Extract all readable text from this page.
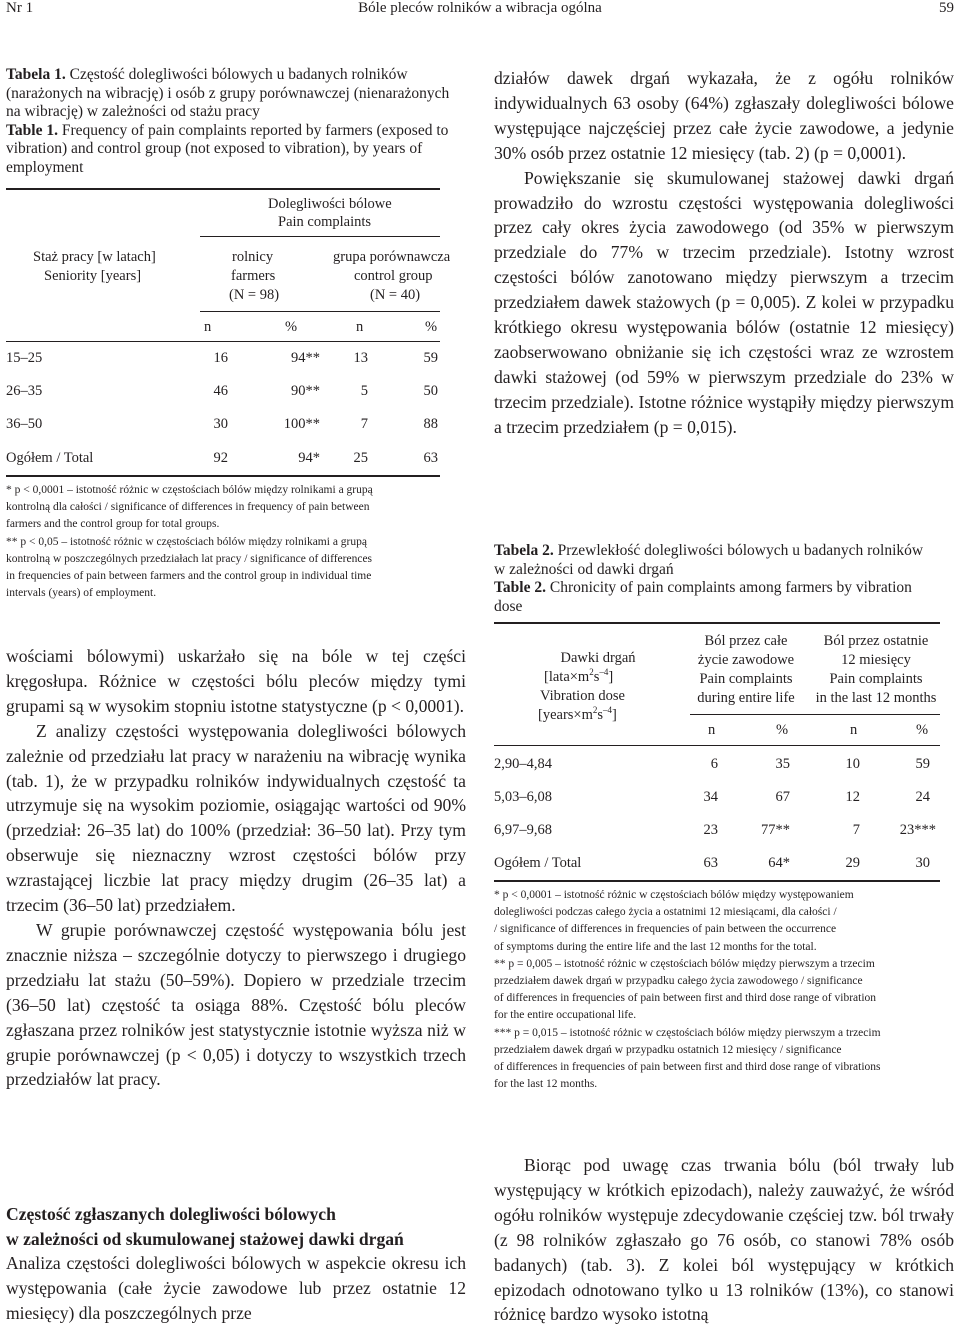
Nr 1	Bóle pleców rolników a wibracja ogólna	59
Tabela 1. Częstość dolegliwości bólowych u badanych rolników (narażonych na wibrację) i osób z grupy porównawczej (nienarażonych na wibrację) w zależności od stażu pracy
Table 1. Frequency of pain complaints reported by farmers (exposed to vibration) and control group (not exposed to vibration), by years of employment
Dolegliwości bólowe
Pain complaints
Staż pracy [w latach]
Seniority [years]
rolnicy
farmers
(N = 98)
grupa porównawcza
control group
(N = 40)
n	%	n	%
15–25	16	94**	13	59
26–35	46	90**	5	50
36–50	30	100**	7	88
Ogółem / Total	92	94*	25	63
* p < 0,0001 – istotność różnic w częstościach bólów między rolnikami a grupą
kontrolną dla całości / significance of differences in frequency of pain between
farmers and the control group for total groups.
** p < 0,05 – istotność różnic w częstościach bólów między rolnikami a grupą
kontrolną w poszczególnych przedziałach lat pracy / significance of differences
in frequencies of pain between farmers and the control group in individual time
intervals (years) of employment.

wościami bólowymi) uskarżało się na bóle w tej części kręgosłupa. Różnice w częstości bólu pleców między tymi grupami są w wysokim stopniu istotne statystyczne (p < 0,0001).

Z analizy częstości występowania dolegliwości bólowych zależnie od przedziału lat pracy w narażeniu na wibrację wynika (tab. 1), że w przypadku rolników indywidualnych częstość ta utrzymuje się na wysokim poziomie, osiągając wartości od 90% (przedział: 26–35 lat) do 100% (przedział: 36–50 lat). Przy tym obserwuje się nieznaczny wzrost częstości bólów przy wzrastającej liczbie lat pracy między drugim (26–35 lat) a trzecim (36–50 lat) przedziałem.

W grupie porównawczej częstość występowania bólu jest znacznie niższa – szczególnie dotyczy to pierwszego i drugiego przedziału lat stażu (50–59%). Dopiero w przedziale trzecim (36–50 lat) częstość ta osiąga 88%. Częstość bólu pleców zgłaszana przez rolników jest statystycznie istotnie wyższa niż w grupie porównawczej (p < 0,05) i dotyczy to wszystkich trzech przedziałów lat pracy.

Częstość zgłaszanych dolegliwości bólowych
w zależności od skumulowanej stażowej dawki drgań

Analiza częstości dolegliwości bólowych w aspekcie okresu ich występowania (całe życie zawodowe lub przez ostatnie 12 miesięcy) dla poszczególnych prze

działów dawek drgań wykazała, że z ogółu rolników indywidualnych 63 osoby (64%) zgłaszały dolegliwości bólowe występujące najczęściej przez całe życie zawodowe, a jedynie 30% osób przez ostatnie 12 miesięcy (tab. 2) (p = 0,0001).

Powiększanie się skumulowanej stażowej dawki drgań prowadziło do wzrostu częstości występowania dolegliwości przez cały okres życia zawodowego (od 35% w pierwszym przedziale do 77% w trzecim przedziale). Istotny wzrost częstości bólów zanotowano między pierwszym a trzecim przedziałem dawek stażowych (p = 0,005). Z kolei w przypadku krótkiego okresu występowania bólów (ostatnie 12 miesięcy) zaobserwowano obniżanie się ich częstości wraz ze wzrostem dawki stażowej (od 59% w pierwszym przedziale do 23% w trzecim przedziale). Istotne różnice wystąpiły między pierwszym a trzecim przedziałem (p = 0,015).

Tabela 2. Przewlekłość dolegliwości bólowych u badanych rolników w zależności od dawki drgań
Table 2. Chronicity of pain complaints among farmers by vibration dose
Dawki drgań
$[lata\times m^2s^{-4}]$
Vibration dose
$[years\times m^2s^{-4}]$
Ból przez całe
życie zawodowe
Pain complaints
during entire life
Ból przez ostatnie
12 miesięcy
Pain complaints
in the last 12 months
n	%	n	%
2,90–4,84	6	35	10	59
5,03–6,08	34	67	12	24
6,97–9,68	23	77**	7	23***
Ogółem / Total	63	64*	29	30
* p < 0,0001 – istotność różnic w częstościach bólów między występowaniem
dolegliwości podczas całego życia a ostatnimi 12 miesiącami, dla całości /
/ significance of differences in frequencies of pain between the occurrence
of symptoms during the entire life and the last 12 months for the total.
** p = 0,005 – istotność różnic w częstościach bólów między pierwszym a trzecim
przedziałem dawek drgań w przypadku całego życia zawodowego / significance
of differences in frequencies of pain between first and third dose range of vibration
for the entire occupational life.
*** p = 0,015 – istotność różnic w częstościach bólów między pierwszym a trzecim
przedziałem dawek drgań w przypadku ostatnich 12 miesięcy / significance
of differences in frequencies of pain between first and third dose range of vibrations
for the last 12 months.

Biorąc pod uwagę czas trwania bólu (ból trwały lub występujący w krótkich epizodach), należy zauważyć, że wśród ogółu rolników występuje zdecydowanie częściej tzw. ból trwały (z 98 rolników zgłaszało go 76 osób, co stanowi 78% osób badanych) (tab. 3). Z kolei ból występujący w krótkich epizodach odnotowano tylko u 13 rolników (13%), co stanowi różnicę bardzo wysoko istotną
